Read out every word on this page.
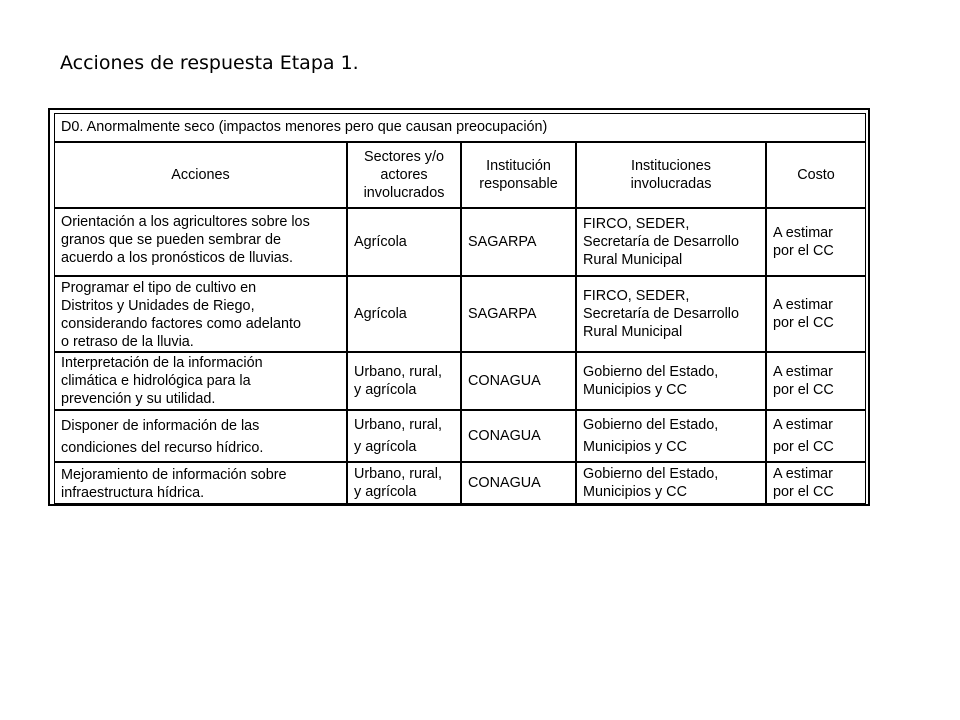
Acciones de respuesta Etapa 1.
D0. Anormalmente seco (impactos menores pero que causan preocupación)
Acciones
Sectores y/o
actores
involucrados
Institución
responsable
Instituciones
involucradas
Costo
Orientación a los agricultores sobre los
granos que se pueden sembrar de
acuerdo a los pronósticos de lluvias.
Agrícola	SAGARPA
FIRCO, SEDER,
Secretaría de Desarrollo
Rural Municipal
A estimar
por el CC
Programar el tipo de cultivo en
Distritos y Unidades de Riego,
considerando factores como adelanto
o retraso de la lluvia.
Agrícola	SAGARPA
FIRCO, SEDER,
Secretaría de Desarrollo
Rural Municipal
A estimar
por el CC
Interpretación de la información
climática e hidrológica para la
prevención y su utilidad.
Urbano, rural,
y agrícola
CONAGUA
Gobierno del Estado,
Municipios y CC
A estimar
por el CC
Disponer de información de las
condiciones del recurso hídrico.
Urbano, rural,
y agrícola
CONAGUA
Gobierno del Estado,
Municipios y CC
A estimar
por el CC
Mejoramiento de información sobre
infraestructura hídrica.
Urbano, rural,
y agrícola
CONAGUA
Gobierno del Estado,
Municipios y CC
A estimar
por el CC
